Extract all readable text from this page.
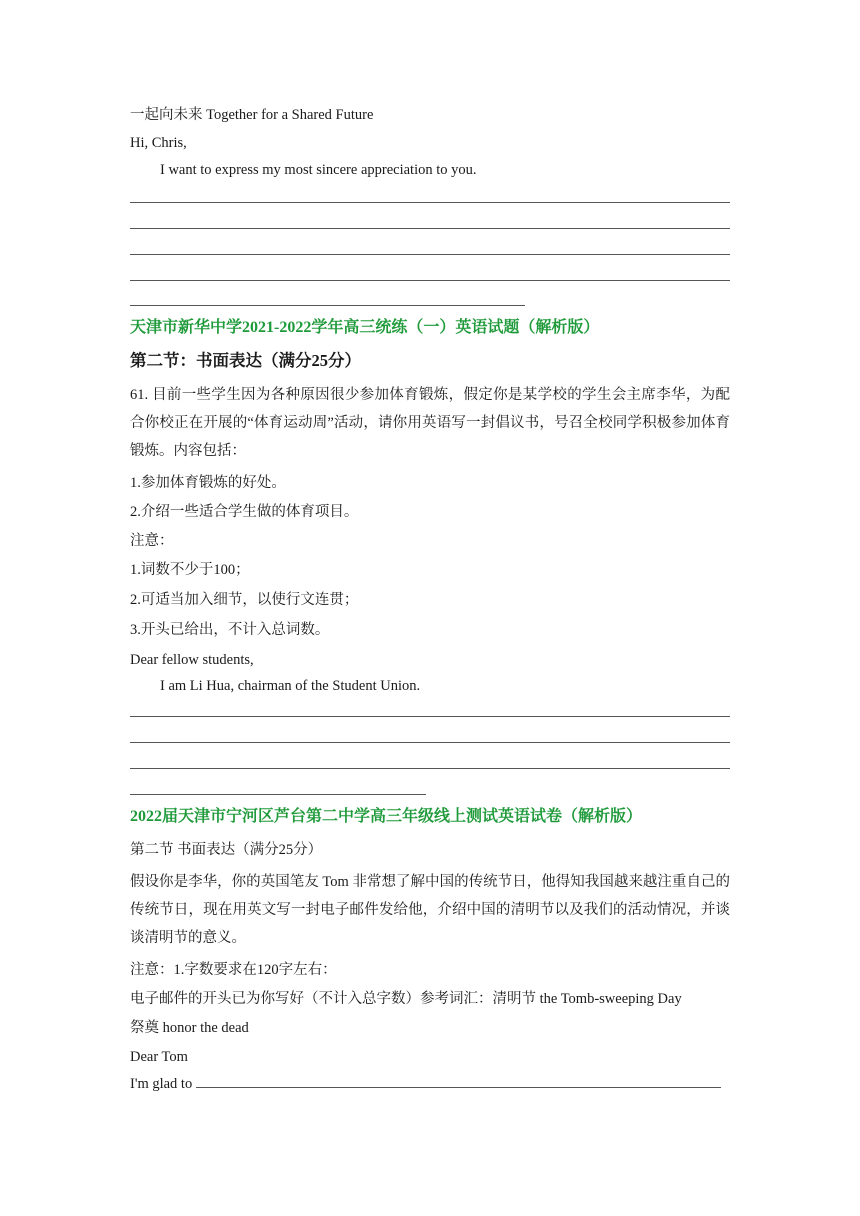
一起向未来 Together for a Shared Future
Hi, Chris,
I want to express my most sincere appreciation to you.
天津市新华中学2021-2022学年高三统练（一）英语试题（解析版）
第二节：书面表达（满分25分）
61. 目前一些学生因为各种原因很少参加体育锻炼，假定你是某学校的学生会主席李华，为配合你校正在开展的“体育运动周”活动，请你用英语写一封倡议书，号召全校同学积极参加体育锻炼。内容包括：
1.参加体育锻炼的好处。
2.介绍一些适合学生做的体育项目。
注意：
1.词数不少于100；
2.可适当加入细节，以使行文连贯；
3.开头已给出，不计入总词数。
Dear fellow students,
I am Li Hua, chairman of the Student Union.
2022届天津市宁河区芦台第二中学高三年级线上测试英语试卷（解析版）
第二节 书面表达（满分25分）
假设你是李华，你的英国笔友 Tom 非常想了解中国的传统节日，他得知我国越来越注重自己的传统节日，现在用英文写一封电子邮件发给他，介绍中国的清明节以及我们的活动情况，并谈谈清明节的意义。
注意：1.字数要求在120字左右：
电子邮件的开头已为你写好（不计入总字数）参考词汇：清明节 the Tomb-sweeping Day
祭奠 honor the dead
Dear Tom
I'm glad to
